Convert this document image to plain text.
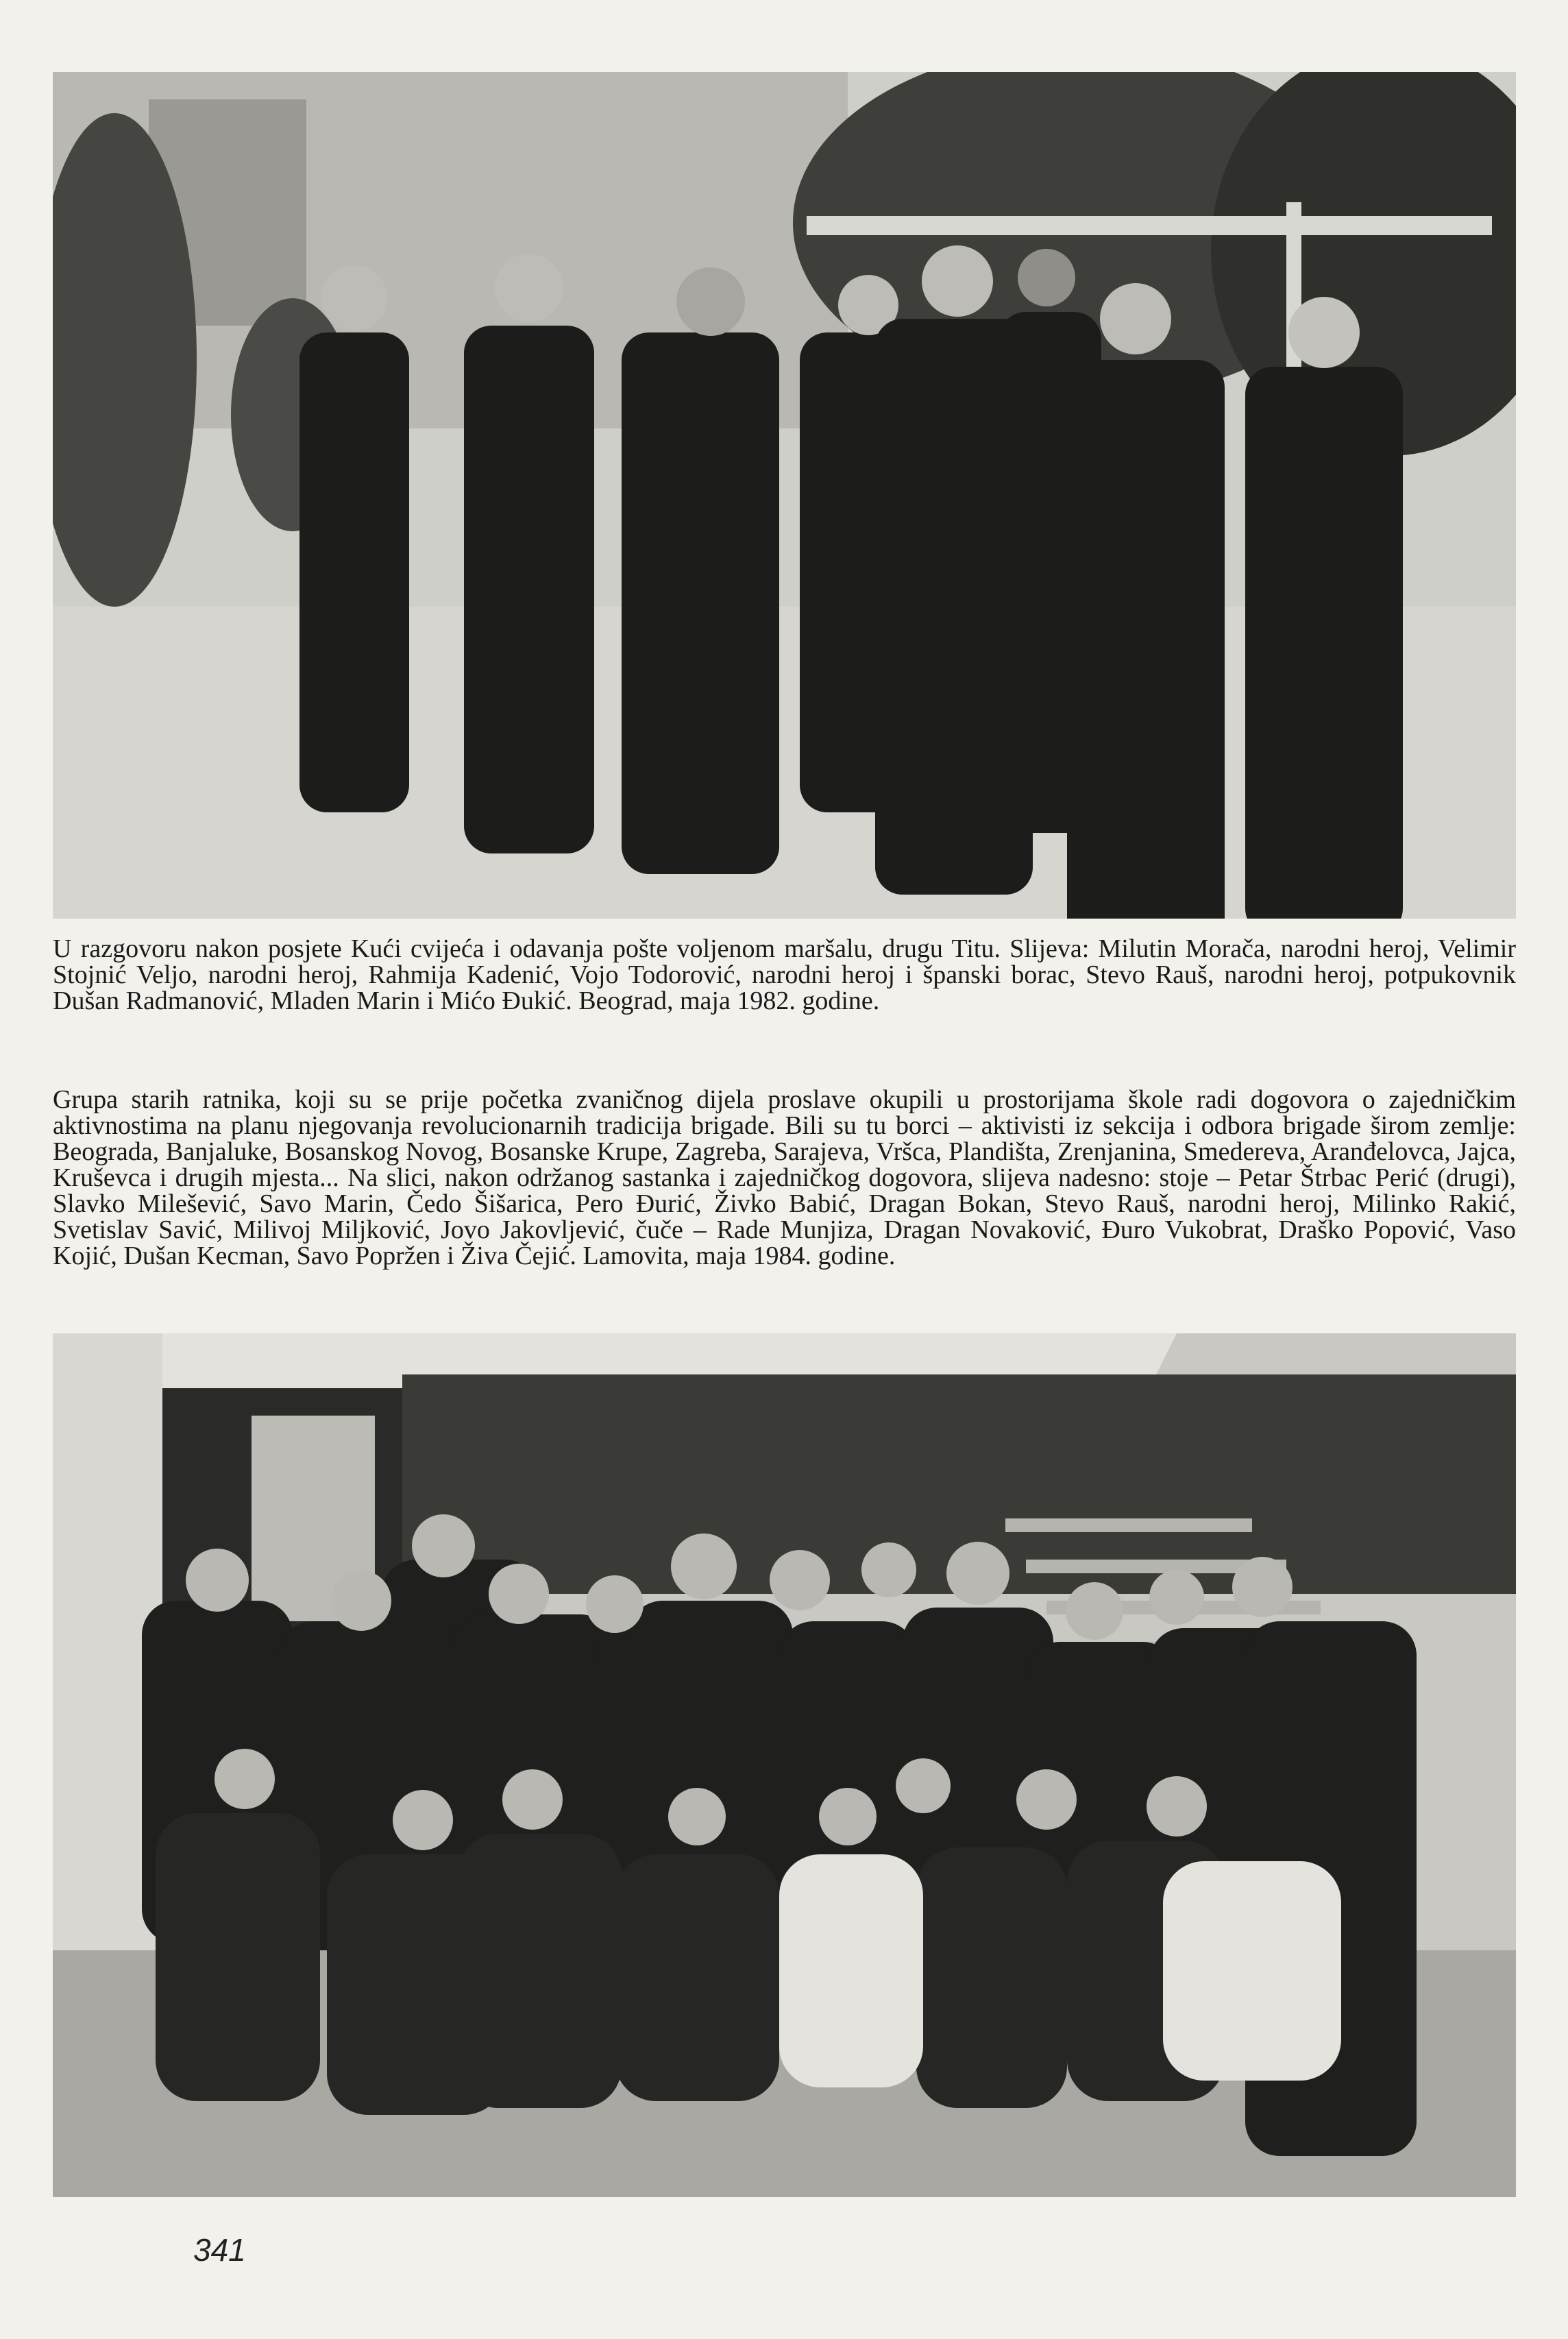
U razgovoru nakon posjete Kući cvijeća i odavanja pošte voljenom maršalu, drugu Titu. Slijeva: Milutin Morača, narodni heroj, Velimir Stojnić Veljo, narodni heroj, Rahmija Kadenić, Vojo Todorović, narodni heroj i španski borac, Stevo Rauš, narodni heroj, potpukovnik Dušan Radmanović, Mladen Marin i Mićo Đukić. Beograd, maja 1982. godine.

Grupa starih ratnika, koji su se prije početka zvaničnog dijela proslave okupili u prostorijama škole radi dogovora o zajedničkim aktivnostima na planu njegovanja revolucionarnih tradicija brigade. Bili su tu borci – aktivisti iz sekcija i odbora brigade širom zemlje: Beograda, Banjaluke, Bosanskog Novog, Bosanske Krupe, Zagreba, Sarajeva, Vršca, Plandišta, Zrenjanina, Smedereva, Aranđelovca, Jajca, Kruševca i drugih mjesta... Na slici, nakon održanog sastanka i zajedničkog dogovora, slijeva nadesno: stoje – Petar Štrbac Perić (drugi), Slavko Milešević, Savo Marin, Čedo Šišarica, Pero Đurić, Živko Babić, Dragan Bokan, Stevo Rauš, narodni heroj, Milinko Rakić, Svetislav Savić, Milivoj Miljković, Jovo Jakovljević, čuče – Rade Munjiza, Dragan Novaković, Đuro Vukobrat, Draško Popović, Vaso Kojić, Dušan Kecman, Savo Popržen i Živa Čejić. Lamovita, maja 1984. godine.

341
